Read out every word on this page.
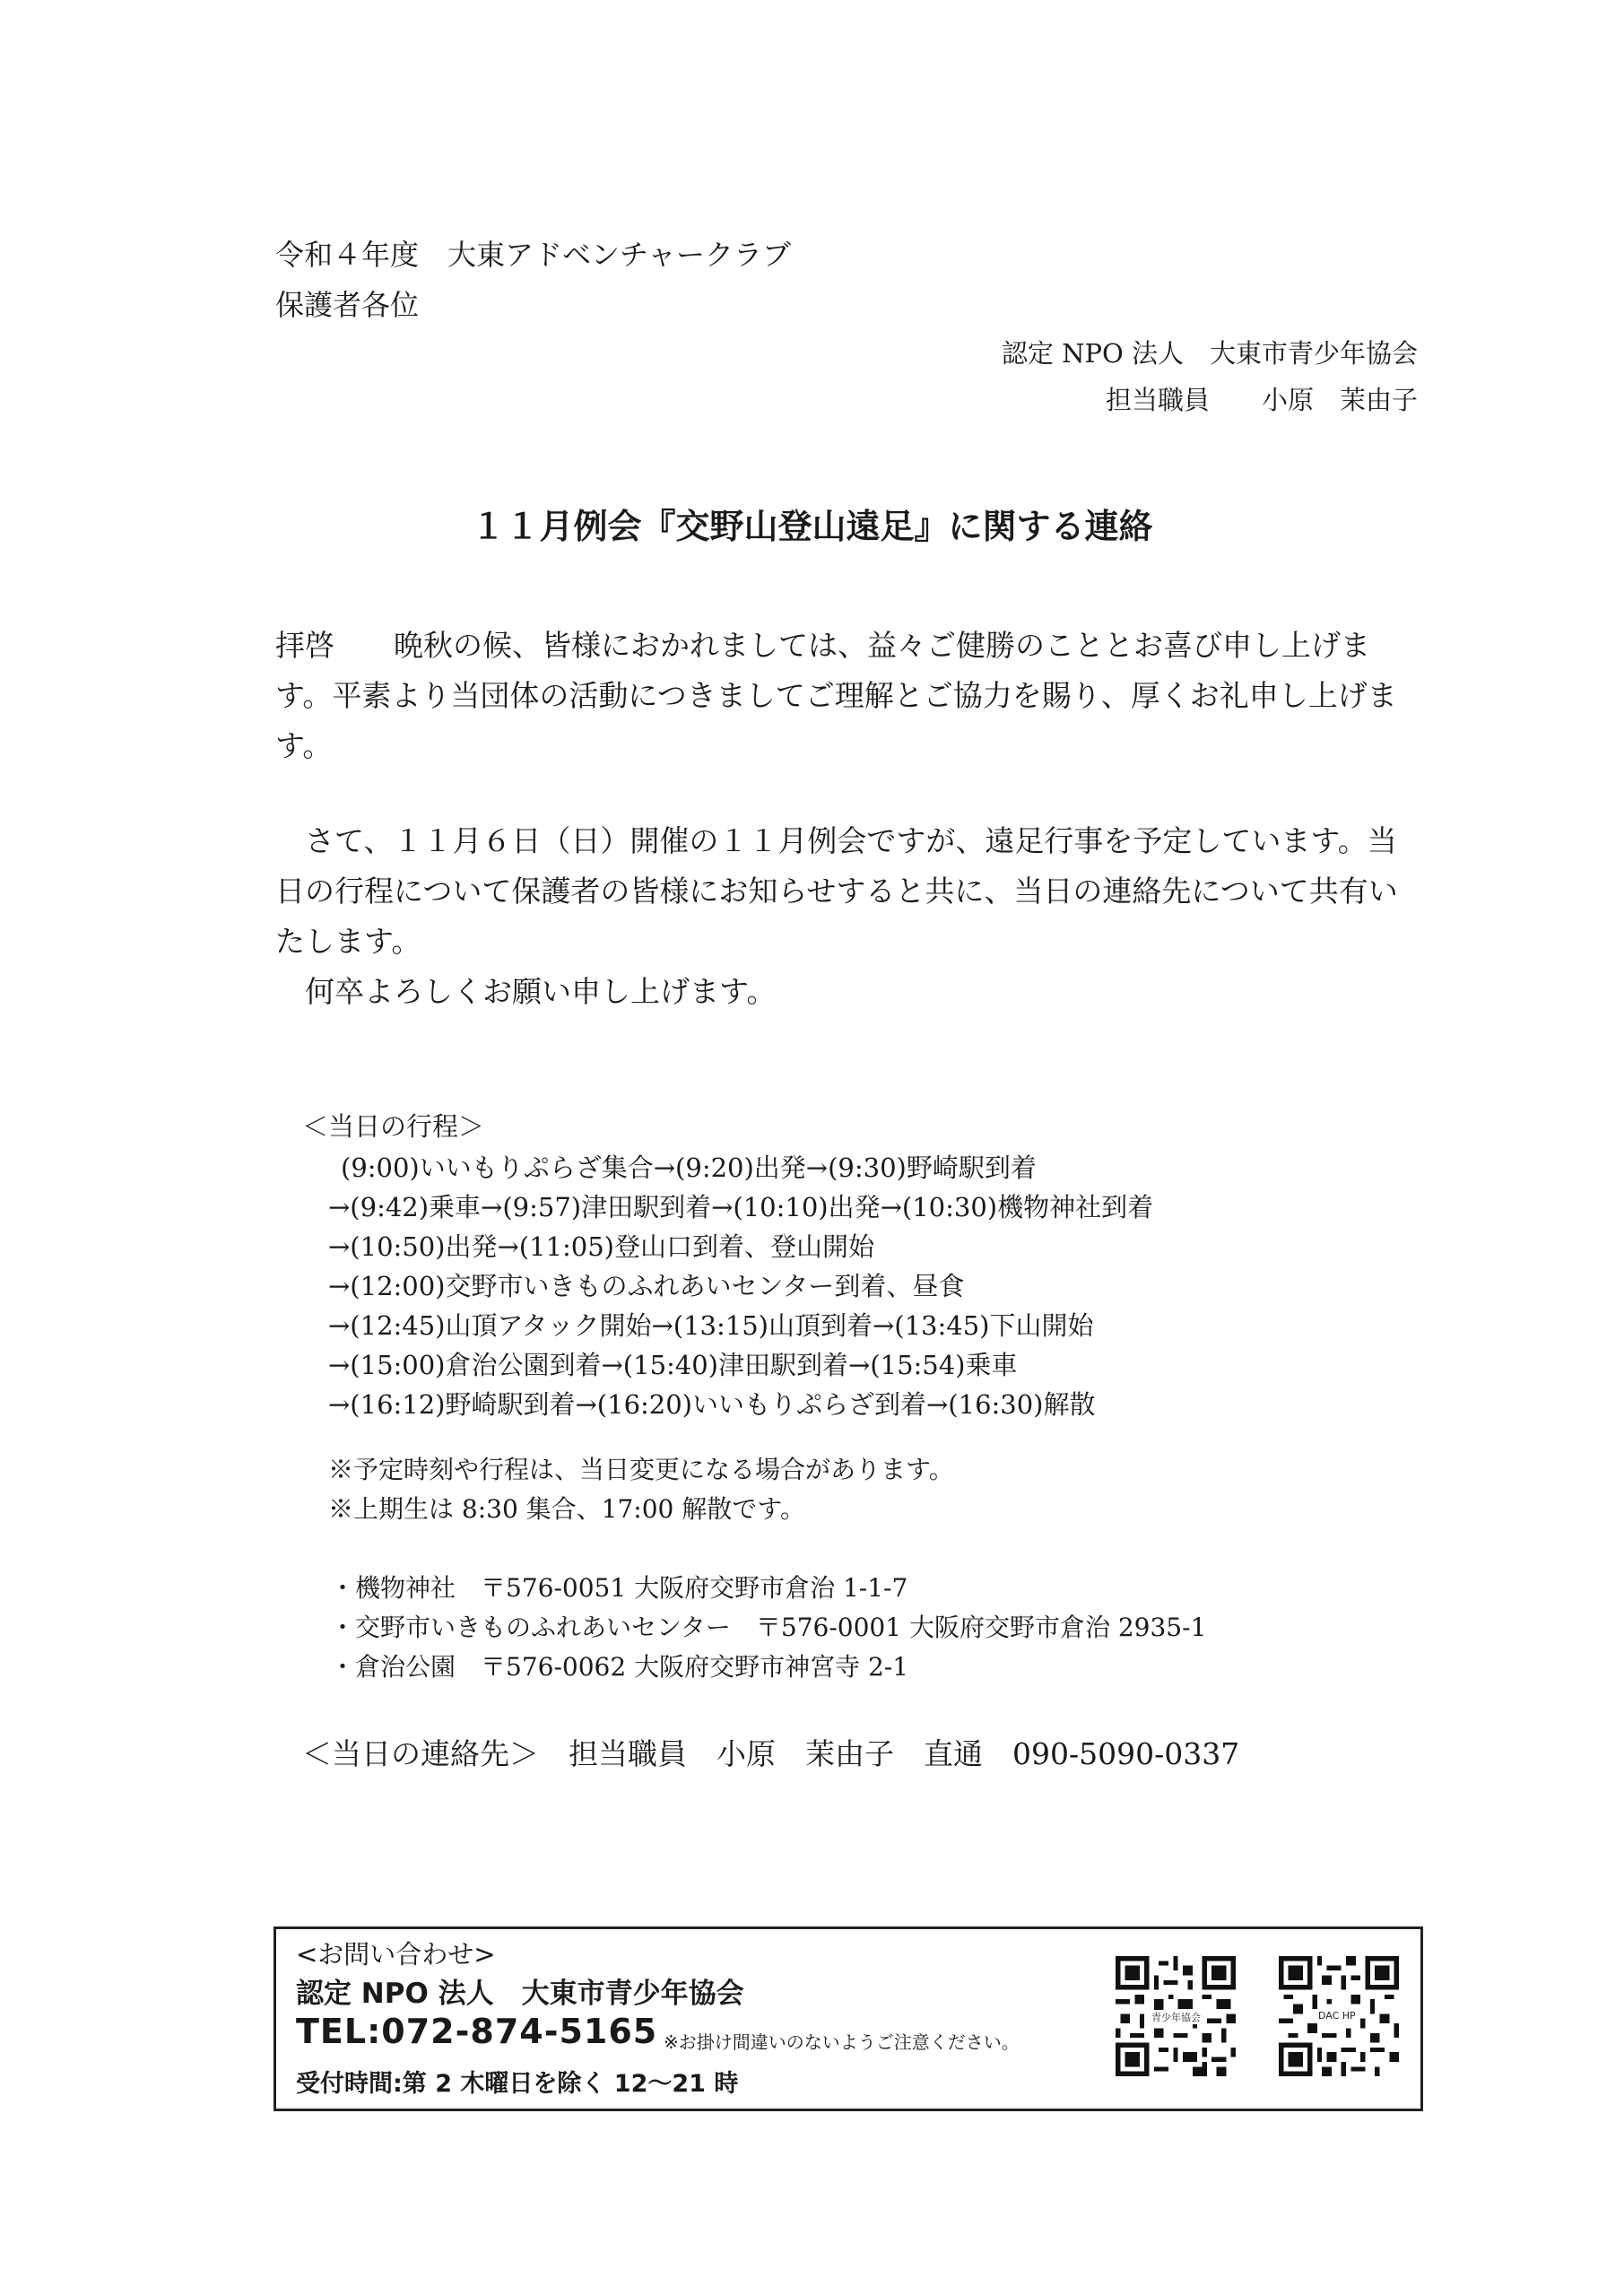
令和４年度　大東アドベンチャークラブ
保護者各位
認定 NPO 法人　大東市青少年協会
担当職員　　小原　茉由子
１１月例会『交野山登山遠足』に関する連絡

拝啓　　晩秋の候、皆様におかれましては、益々ご健勝のこととお喜び申し上げます。平素より当団体の活動につきましてご理解とご協力を賜り、厚くお礼申し上げます。

　さて、１１月６日（日）開催の１１月例会ですが、遠足行事を予定しています。当日の行程について保護者の皆様にお知らせすると共に、当日の連絡先について共有いたします。

　何卒よろしくお願い申し上げます。

＜当日の行程＞
(9:00)いいもりぷらざ集合→(9:20)出発→(9:30)野崎駅到着
→(9:42)乗車→(9:57)津田駅到着→(10:10)出発→(10:30)機物神社到着
→(10:50)出発→(11:05)登山口到着、登山開始
→(12:00)交野市いきものふれあいセンター到着、昼食
→(12:45)山頂アタック開始→(13:15)山頂到着→(13:45)下山開始
→(15:00)倉治公園到着→(15:40)津田駅到着→(15:54)乗車
→(16:12)野崎駅到着→(16:20)いいもりぷらざ到着→(16:30)解散
※予定時刻や行程は、当日変更になる場合があります。
※上期生は 8:30 集合、17:00 解散です。
・機物神社　〒576-0051 大阪府交野市倉治 1-1-7
・交野市いきものふれあいセンター　〒576-0001 大阪府交野市倉治 2935-1
・倉治公園　〒576-0062 大阪府交野市神宮寺 2-1
＜当日の連絡先＞　担当職員　小原　茉由子　直通　090-5090-0337
<お問い合わせ>
認定 NPO 法人　大東市青少年協会
TEL:072-874-5165 ※お掛け間違いのないようご注意ください。
受付時間:第 2 木曜日を除く 12〜21 時
青少年協会	DAC HP
